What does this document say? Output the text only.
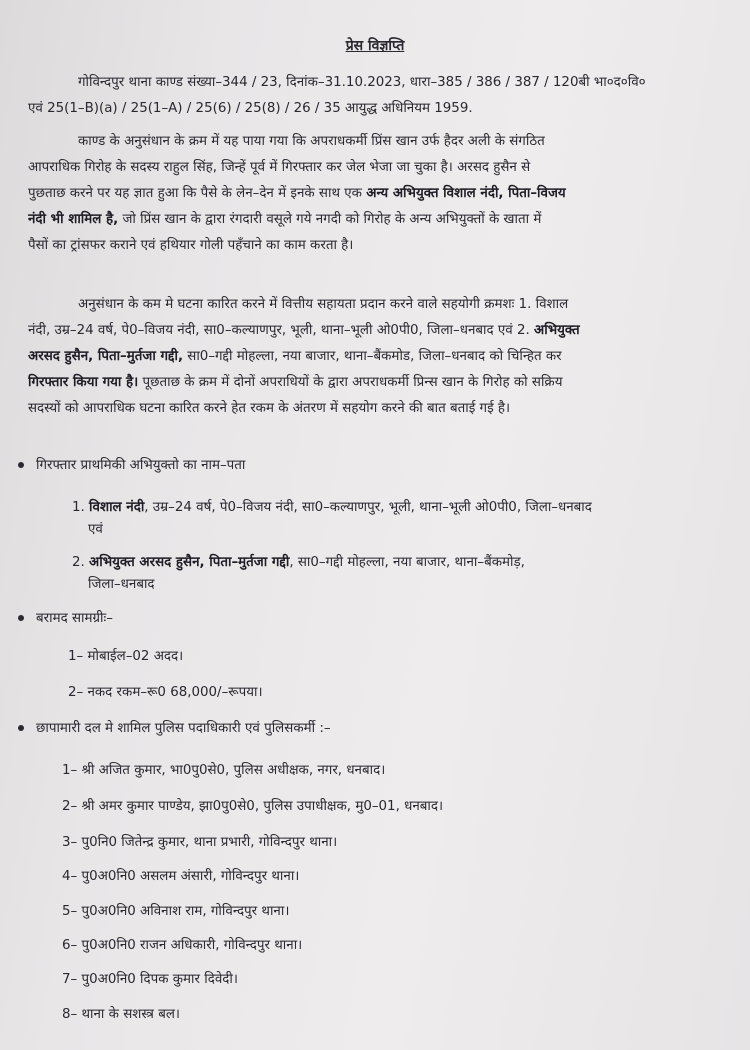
प्रेस विज्ञप्ति
गोविन्दपुर थाना काण्ड संख्या–344 / 23, दिनांक–31.10.2023, धारा–385 / 386 / 387 / 120बी भा०द०वि०
एवं 25(1–B)(a) / 25(1–A) / 25(6) / 25(8) / 26 / 35 आयुद्ध अधिनियम 1959.
काण्ड के अनुसंधान के क्रम में यह पाया गया कि अपराधकर्मी प्रिंस खान उर्फ हैदर अली के संगठित
आपराधिक गिरोह के सदस्य राहुल सिंह, जिन्हें पूर्व में गिरफ्तार कर जेल भेजा जा चुका है। अरसद हुसैन से
पुछताछ करने पर यह ज्ञात हुआ कि पैसे के लेन–देन में इनके साथ एक अन्य अभियुक्त विशाल नंदी, पिता–विजय
नंदी भी शामिल है, जो प्रिंस खान के द्वारा रंगदारी वसूले गये नगदी को गिरोह के अन्य अभियुक्तों के खाता में
पैसों का ट्रांसफर कराने एवं हथियार गोली पहँचाने का काम करता है।
अनुसंधान के कम मे घटना कारित करने में वित्तीय सहायता प्रदान करने वाले सहयोगी क्रमशः 1. विशाल
नंदी, उम्र–24 वर्ष, पे0–विजय नंदी, सा0–कल्याणपुर, भूली, थाना–भूली ओ0पी0, जिला–धनबाद एवं 2. अभियुक्त
अरसद हुसैन, पिता–मुर्तजा गद्दी, सा0–गद्दी मोहल्ला, नया बाजार, थाना–बैंकमोड, जिला–धनबाद को चिन्हित कर
गिरफ्तार किया गया है। पूछताछ के क्रम में दोनों अपराधियों के द्वारा अपराधकर्मी प्रिन्स खान के गिरोह को सक्रिय
सदस्यों को आपराधिक घटना कारित करने हेत रकम के अंतरण में सहयोग करने की बात बताई गई है।
गिरफ्तार प्राथमिकी अभियुक्तो का नाम–पता
1. विशाल नंदी, उम्र–24 वर्ष, पे0–विजय नंदी, सा0–कल्याणपुर, भूली, थाना–भूली ओ0पी0, जिला–धनबाद
एवं
2. अभियुक्त अरसद हुसैन, पिता–मुर्तजा गद्दी, सा0–गद्दी मोहल्ला, नया बाजार, थाना–बैंकमोड़,
जिला–धनबाद
बरामद सामग्रीः–
1– मोबाईल–02 अदद।
2– नकद रकम–रू0 68,000/–रूपया।
छापामारी दल मे शामिल पुलिस पदाधिकारी एवं पुलिसकर्मी :–
1– श्री अजित कुमार, भा0पु0से0, पुलिस अधीक्षक, नगर, धनबाद।
2– श्री अमर कुमार पाण्डेय, झा0पु0से0, पुलिस उपाधीक्षक, मु0–01, धनबाद।
3– पु0नि0 जितेन्द्र कुमार, थाना प्रभारी, गोविन्दपुर थाना।
4– पु0अ0नि0 असलम अंसारी, गोविन्दपुर थाना।
5– पु0अ0नि0 अविनाश राम, गोविन्दपुर थाना।
6– पु0अ0नि0 राजन अधिकारी, गोविन्दपुर थाना।
7– पु0अ0नि0 दिपक कुमार दिवेदी।
8– थाना के सशस्त्र बल।
